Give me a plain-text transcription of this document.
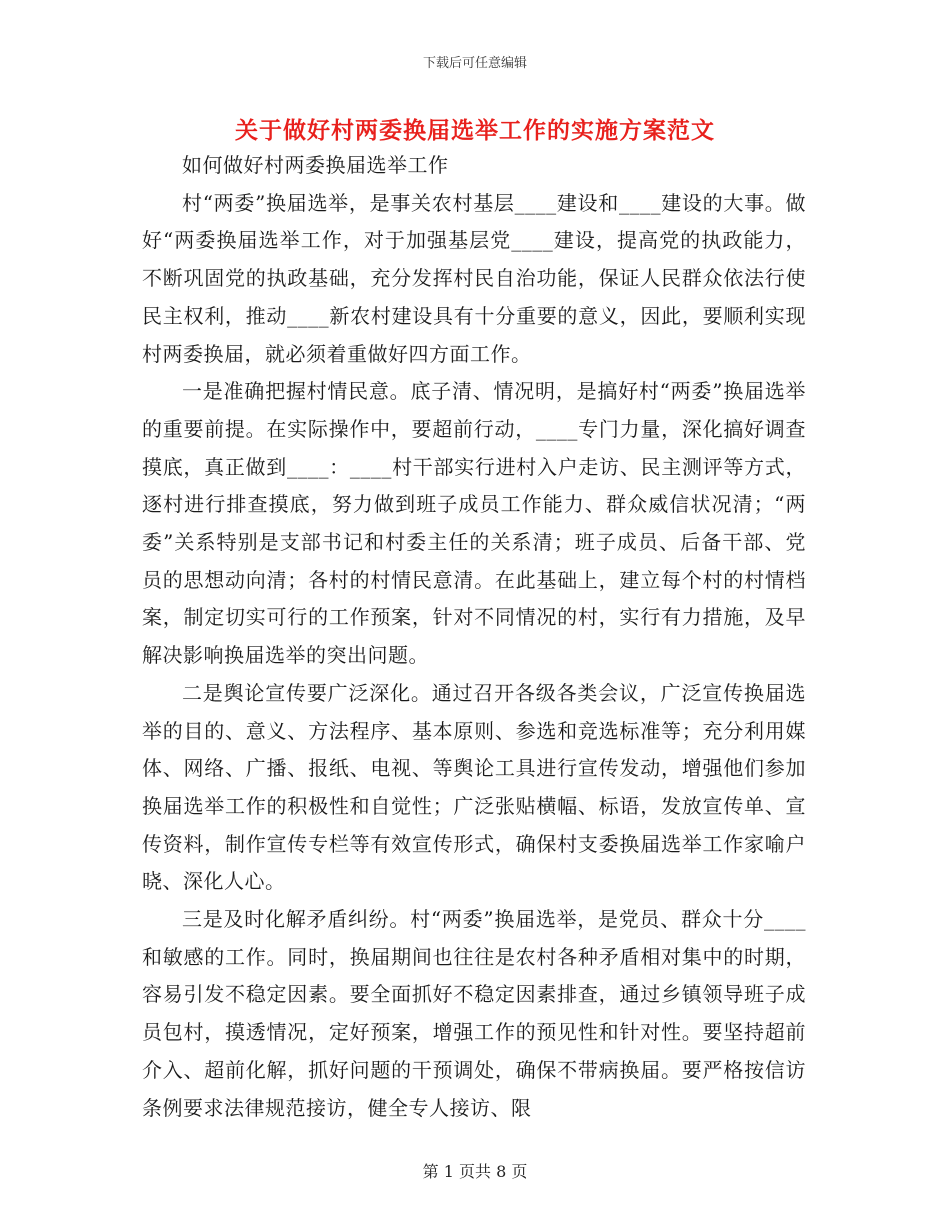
下载后可任意编辑
关于做好村两委换届选举工作的实施方案范文

如何做好村两委换届选举工作

村“两委”换届选举，是事关农村基层____建设和____建设的大事。做好“两委换届选举工作，对于加强基层党____建设，提高党的执政能力，不断巩固党的执政基础，充分发挥村民自治功能，保证人民群众依法行使民主权利，推动____新农村建设具有十分重要的意义，因此，要顺利实现村两委换届，就必须着重做好四方面工作。

一是准确把握村情民意。底子清、情况明，是搞好村“两委”换届选举的重要前提。在实际操作中，要超前行动，____专门力量，深化搞好调查摸底，真正做到____：____村干部实行进村入户走访、民主测评等方式，逐村进行排查摸底，努力做到班子成员工作能力、群众威信状况清；“两委”关系特别是支部书记和村委主任的关系清；班子成员、后备干部、党员的思想动向清；各村的村情民意清。在此基础上，建立每个村的村情档案，制定切实可行的工作预案，针对不同情况的村，实行有力措施，及早解决影响换届选举的突出问题。

二是舆论宣传要广泛深化。通过召开各级各类会议，广泛宣传换届选举的目的、意义、方法程序、基本原则、参选和竞选标准等；充分利用媒体、网络、广播、报纸、电视、等舆论工具进行宣传发动，增强他们参加换届选举工作的积极性和自觉性；广泛张贴横幅、标语，发放宣传单、宣传资料，制作宣传专栏等有效宣传形式，确保村支委换届选举工作家喻户晓、深化人心。

三是及时化解矛盾纠纷。村“两委”换届选举，是党员、群众十分____和敏感的工作。同时，换届期间也往往是农村各种矛盾相对集中的时期，容易引发不稳定因素。要全面抓好不稳定因素排查，通过乡镇领导班子成员包村，摸透情况，定好预案，增强工作的预见性和针对性。要坚持超前介入、超前化解，抓好问题的干预调处，确保不带病换届。要严格按信访条例要求法律规范接访，健全专人接访、限

第 1 页共 8 页
